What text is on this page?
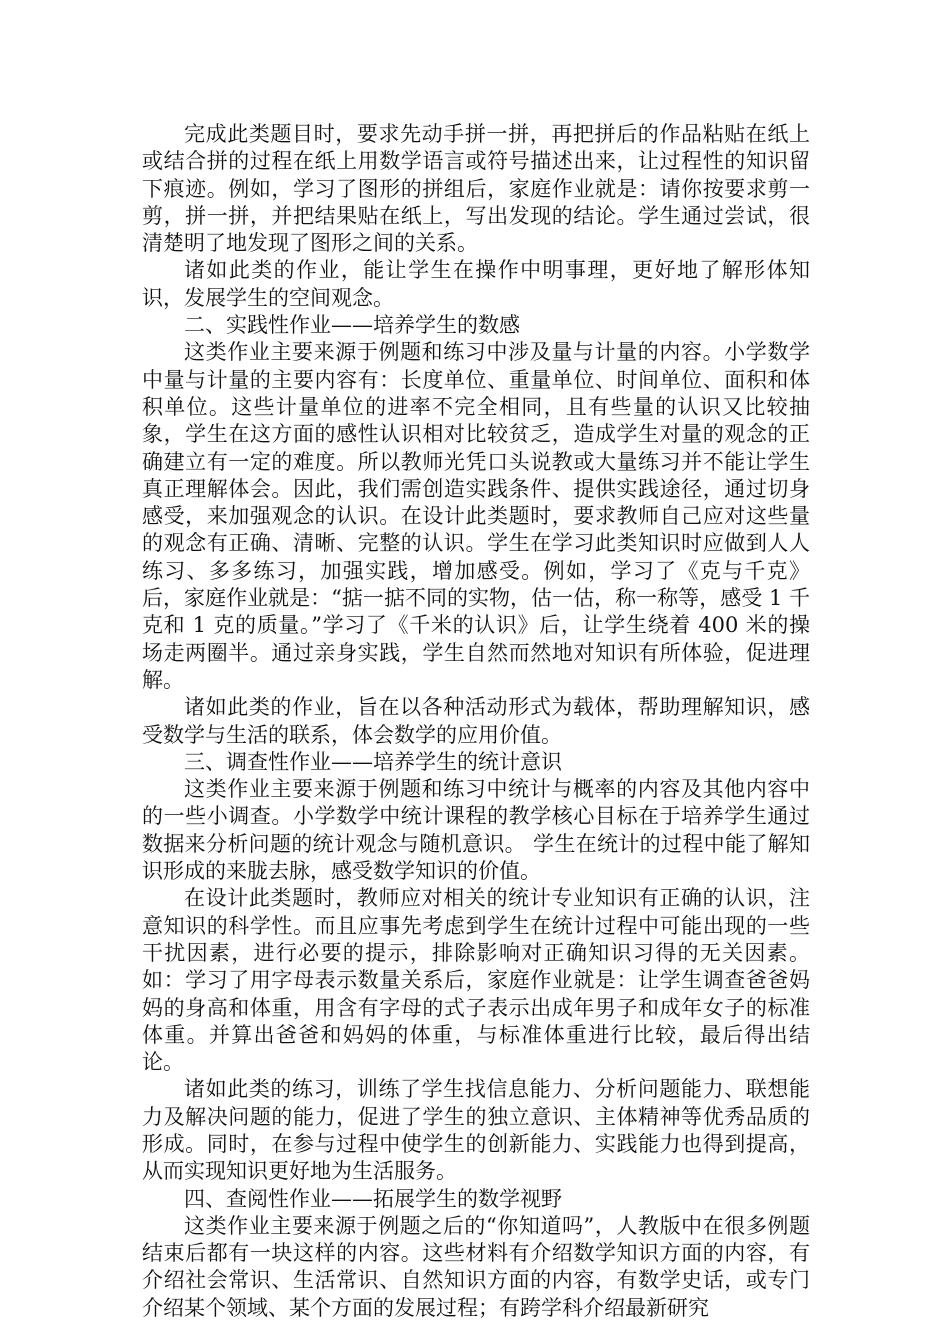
完成此类题目时，要求先动手拼一拼，再把拼后的作品粘贴在纸上或结合拼的过程在纸上用数学语言或符号描述出来，让过程性的知识留下痕迹。例如，学习了图形的拼组后，家庭作业就是：请你按要求剪一剪，拼一拼，并把结果贴在纸上，写出发现的结论。学生通过尝试，很清楚明了地发现了图形之间的关系。

诸如此类的作业，能让学生在操作中明事理，更好地了解形体知识，发展学生的空间观念。

二、实践性作业——培养学生的数感

这类作业主要来源于例题和练习中涉及量与计量的内容。小学数学中量与计量的主要内容有：长度单位、重量单位、时间单位、面积和体积单位。这些计量单位的进率不完全相同，且有些量的认识又比较抽象，学生在这方面的感性认识相对比较贫乏，造成学生对量的观念的正确建立有一定的难度。所以教师光凭口头说教或大量练习并不能让学生真正理解体会。因此，我们需创造实践条件、提供实践途径，通过切身感受，来加强观念的认识。在设计此类题时，要求教师自己应对这些量的观念有正确、清晰、完整的认识。学生在学习此类知识时应做到人人练习、多多练习，加强实践，增加感受。例如，学习了《克与千克》后，家庭作业就是：“掂一掂不同的实物，估一估，称一称等，感受 1 千克和 1 克的质量。”学习了《千米的认识》后，让学生绕着 400 米的操场走两圈半。通过亲身实践，学生自然而然地对知识有所体验，促进理解。

诸如此类的作业，旨在以各种活动形式为载体，帮助理解知识，感受数学与生活的联系，体会数学的应用价值。

三、调查性作业——培养学生的统计意识

这类作业主要来源于例题和练习中统计与概率的内容及其他内容中的一些小调查。小学数学中统计课程的教学核心目标在于培养学生通过数据来分析问题的统计观念与随机意识。 学生在统计的过程中能了解知识形成的来胧去脉，感受数学知识的价值。

在设计此类题时，教师应对相关的统计专业知识有正确的认识，注意知识的科学性。而且应事先考虑到学生在统计过程中可能出现的一些干扰因素，进行必要的提示，排除影响对正确知识习得的无关因素。如：学习了用字母表示数量关系后，家庭作业就是：让学生调查爸爸妈妈的身高和体重，用含有字母的式子表示出成年男子和成年女子的标准体重。并算出爸爸和妈妈的体重，与标准体重进行比较，最后得出结论。

诸如此类的练习，训练了学生找信息能力、分析问题能力、联想能力及解决问题的能力，促进了学生的独立意识、主体精神等优秀品质的形成。同时，在参与过程中使学生的创新能力、实践能力也得到提高，从而实现知识更好地为生活服务。

四、查阅性作业——拓展学生的数学视野

这类作业主要来源于例题之后的“你知道吗”，人教版中在很多例题结束后都有一块这样的内容。这些材料有介绍数学知识方面的内容，有介绍社会常识、生活常识、自然知识方面的内容，有数学史话，或专门介绍某个领域、某个方面的发展过程；有跨学科介绍最新研究
